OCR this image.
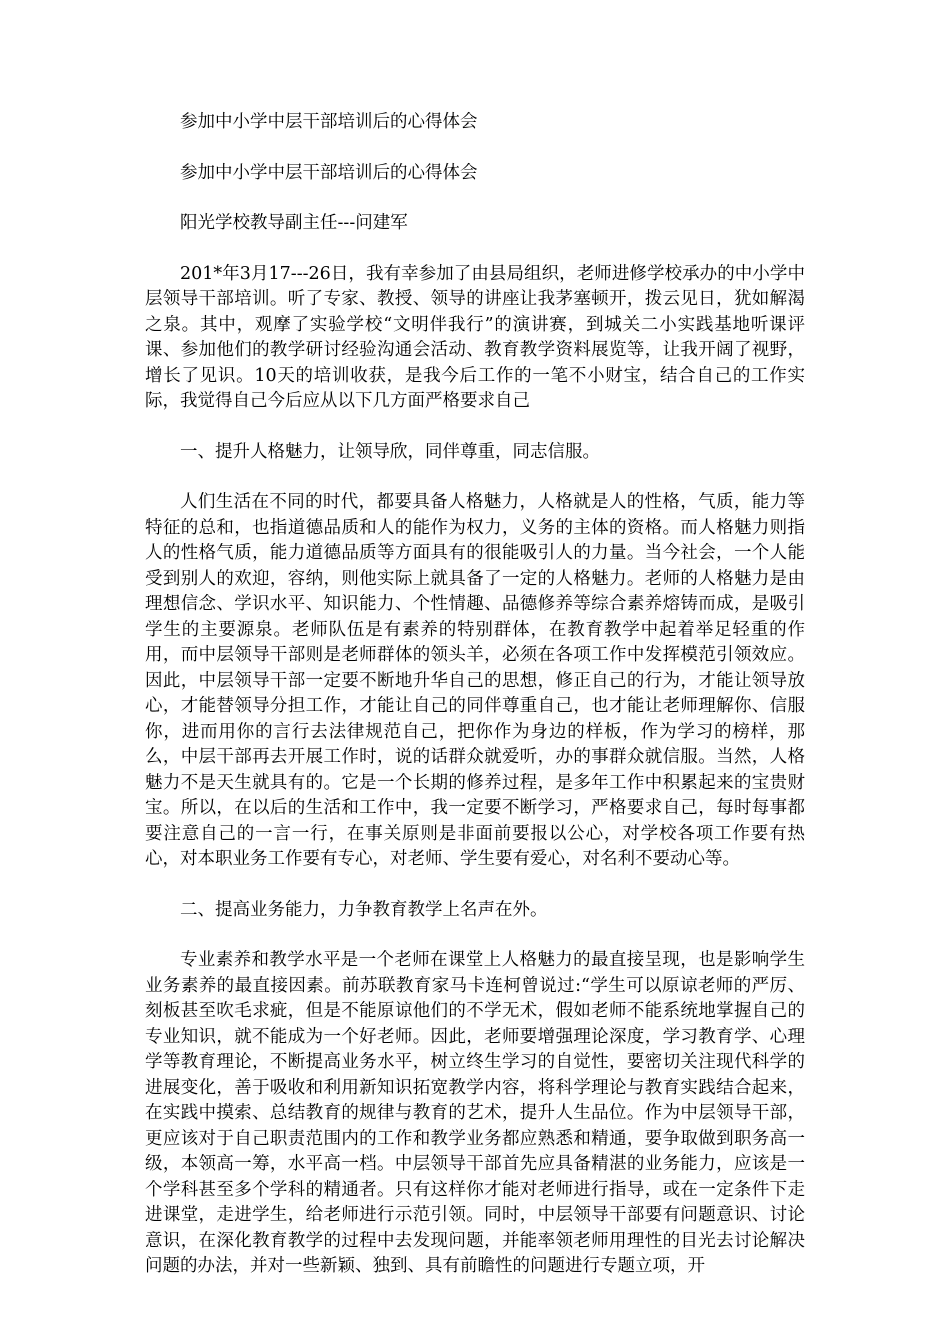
参加中小学中层干部培训后的心得体会

参加中小学中层干部培训后的心得体会

阳光学校教导副主任---问建军

201*年3月17---26日，我有幸参加了由县局组织，老师进修学校承办的中小学中层领导干部培训。听了专家、教授、领导的讲座让我茅塞顿开，拨云见日，犹如解渴之泉。其中，观摩了实验学校“文明伴我行”的演讲赛，到城关二小实践基地听课评课、参加他们的教学研讨经验沟通会活动、教育教学资料展览等，让我开阔了视野，增长了见识。10天的培训收获，是我今后工作的一笔不小财宝，结合自己的工作实际，我觉得自己今后应从以下几方面严格要求自己

一、提升人格魅力，让领导欣，同伴尊重，同志信服。

人们生活在不同的时代，都要具备人格魅力，人格就是人的性格，气质，能力等特征的总和，也指道德品质和人的能作为权力，义务的主体的资格。而人格魅力则指人的性格气质，能力道德品质等方面具有的很能吸引人的力量。当今社会，一个人能受到别人的欢迎，容纳，则他实际上就具备了一定的人格魅力。老师的人格魅力是由理想信念、学识水平、知识能力、个性情趣、品德修养等综合素养熔铸而成，是吸引学生的主要源泉。老师队伍是有素养的特别群体，在教育教学中起着举足轻重的作用，而中层领导干部则是老师群体的领头羊，必须在各项工作中发挥模范引领效应。因此，中层领导干部一定要不断地升华自己的思想，修正自己的行为，才能让领导放心，才能替领导分担工作，才能让自己的同伴尊重自己，也才能让老师理解你、信服你，进而用你的言行去法律规范自己，把你作为身边的样板，作为学习的榜样，那么，中层干部再去开展工作时，说的话群众就爱听，办的事群众就信服。当然，人格魅力不是天生就具有的。它是一个长期的修养过程，是多年工作中积累起来的宝贵财宝。所以，在以后的生活和工作中，我一定要不断学习，严格要求自己，每时每事都要注意自己的一言一行，在事关原则是非面前要报以公心，对学校各项工作要有热心，对本职业务工作要有专心，对老师、学生要有爱心，对名利不要动心等。

二、提高业务能力，力争教育教学上名声在外。

专业素养和教学水平是一个老师在课堂上人格魅力的最直接呈现，也是影响学生业务素养的最直接因素。前苏联教育家马卡连柯曾说过:“学生可以原谅老师的严厉、刻板甚至吹毛求疵，但是不能原谅他们的不学无术，假如老师不能系统地掌握自己的专业知识，就不能成为一个好老师。因此，老师要增强理论深度，学习教育学、心理学等教育理论，不断提高业务水平，树立终生学习的自觉性，要密切关注现代科学的进展变化，善于吸收和利用新知识拓宽教学内容，将科学理论与教育实践结合起来，在实践中摸索、总结教育的规律与教育的艺术，提升人生品位。作为中层领导干部，更应该对于自己职责范围内的工作和教学业务都应熟悉和精通，要争取做到职务高一级，本领高一筹，水平高一档。中层领导干部首先应具备精湛的业务能力，应该是一个学科甚至多个学科的精通者。只有这样你才能对老师进行指导，或在一定条件下走进课堂，走进学生，给老师进行示范引领。同时，中层领导干部要有问题意识、讨论意识，在深化教育教学的过程中去发现问题，并能率领老师用理性的目光去讨论解决问题的办法，并对一些新颖、独到、具有前瞻性的问题进行专题立项，开
